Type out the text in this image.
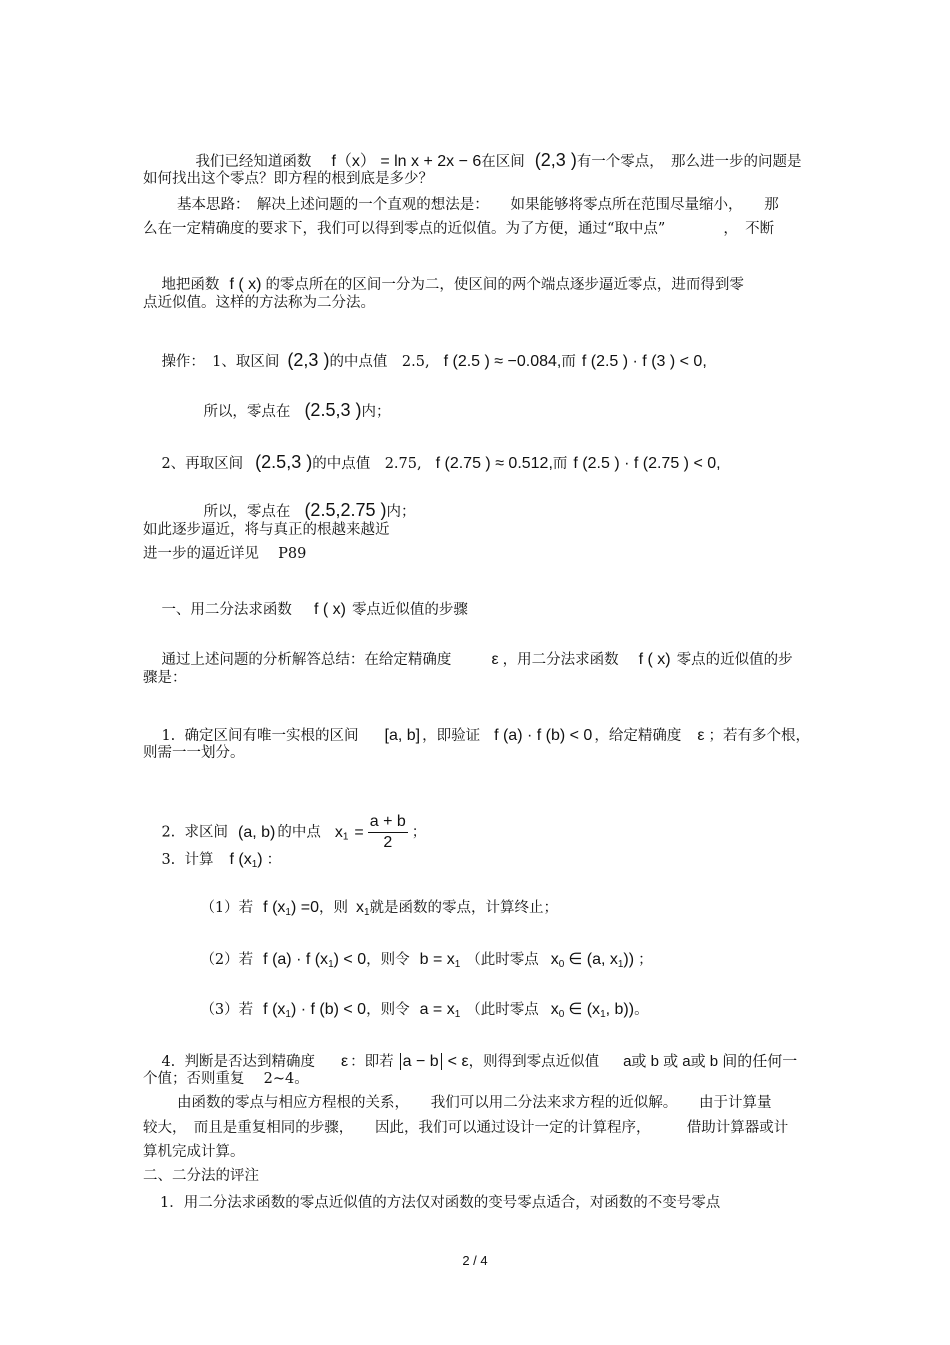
我们已经知道函数 f（x） = ln x + 2x − 6在区间 (2,3 )有一个零点，　那么进一步的问题是

如何找出这个零点？即方程的根到底是多少？
基本思路：　解决上述问题的一个直观的想法是：　　如果能够将零点所在范围尽量缩小，　　那
么在一定精确度的要求下，我们可以得到零点的近似值。为了方便，通过“取中点”　　　　，　不断

地把函数 f ( x) 的零点所在的区间一分为二，使区间的两个端点逐步逼近零点，进而得到零

点近似值。这样的方法称为二分法。

操作：　1、取区间 (2,3 )的中点值　2.5, f (2.5 ) ≈ −0.084,而 f (2.5 ) · f (3 ) < 0,

所以，零点在 (2.5,3 )内；

2、再取区间 (2.5,3 )的中点值　2.75, f (2.75 ) ≈ 0.512,而 f (2.5 ) · f (2.75 ) < 0,

所以，零点在 (2.5,2.75 )内；

如此逐步逼近，将与真正的根越来越近
进一步的逼近详见　 P89

一、用二分法求函数 f ( x) 零点近似值的步骤

通过上述问题的分析解答总结：在给定精确度	ε ，用二分法求函数 f ( x) 零点的近似值的步

骤是：

1.  确定区间有唯一实根的区间 [a, b] ，即验证 f (a) · f (b) < 0 ，给定精确度 ε ；若有多个根，

则需一一划分。

2.  求区间 (a, b) 的中点 $x_1 = \frac{a + b}{2}$ ；

3.  计算 f $(x_1)$ ：

（1）若 f $(x_1) =0$，则 $x_1$就是函数的零点，计算终止；

（2）若 f (a) · f $(x_1) < 0$，则令 $b = x_1$ （此时零点 $x_0$ ∈ (a, $x_1$)) ；

（3）若 f $(x_1) \cdot f$ (b) < 0，则令 $a = x_1$ （此时零点 $x_0$ ∈ ($x_1$, b))。

4.  判断是否达到精确度 ε ：即若 a − b < ε，则得到零点近似值 a或 b 或 a或 b 间的任何一

个值；否则重复　 2~4。
由函数的零点与相应方程根的关系，　　我们可以用二分法来求方程的近似解。　　由于计算量
较大，　而且是重复相同的步骤，　　因此，我们可以通过设计一定的计算程序，　　　借助计算器或计
算机完成计算。
二、二分法的评注
1．用二分法求函数的零点近似值的方法仅对函数的变号零点适合，对函数的不变号零点
2 / 4
